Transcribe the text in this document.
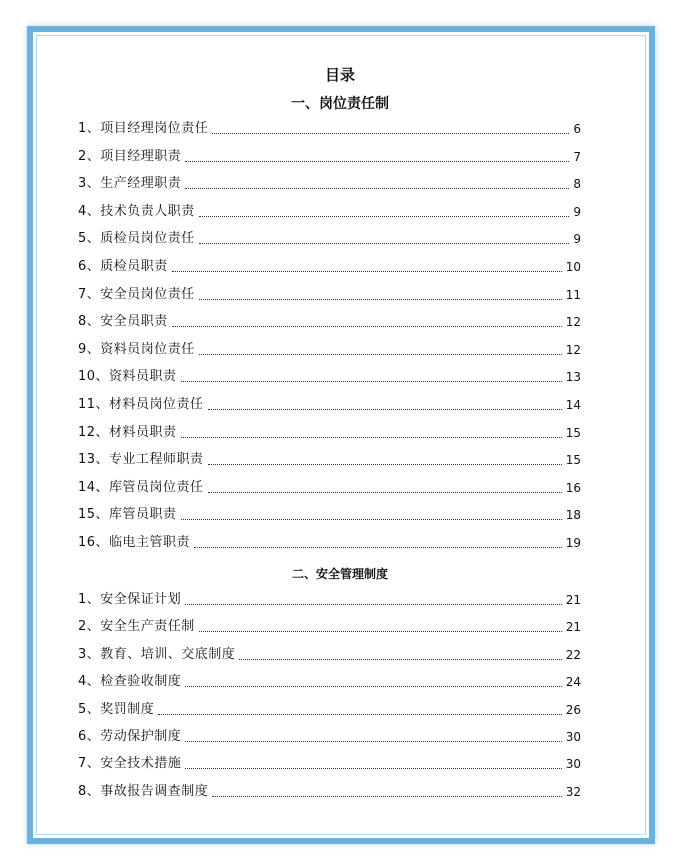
目录
一、岗位责任制
1、项目经理岗位责任	6
2、项目经理职责	7
3、生产经理职责	8
4、技术负责人职责	9
5、质检员岗位责任	9
6、质检员职责	10
7、安全员岗位责任	11
8、安全员职责	12
9、资料员岗位责任	12
10、资料员职责	13
11、材料员岗位责任	14
12、材料员职责	15
13、专业工程师职责	15
14、库管员岗位责任	16
15、库管员职责	18
16、临电主管职责	19
二、安全管理制度
1、安全保证计划	21
2、安全生产责任制	21
3、教育、培训、交底制度	22
4、检查验收制度	24
5、奖罚制度	26
6、劳动保护制度	30
7、安全技术措施	30
8、事故报告调查制度	32
